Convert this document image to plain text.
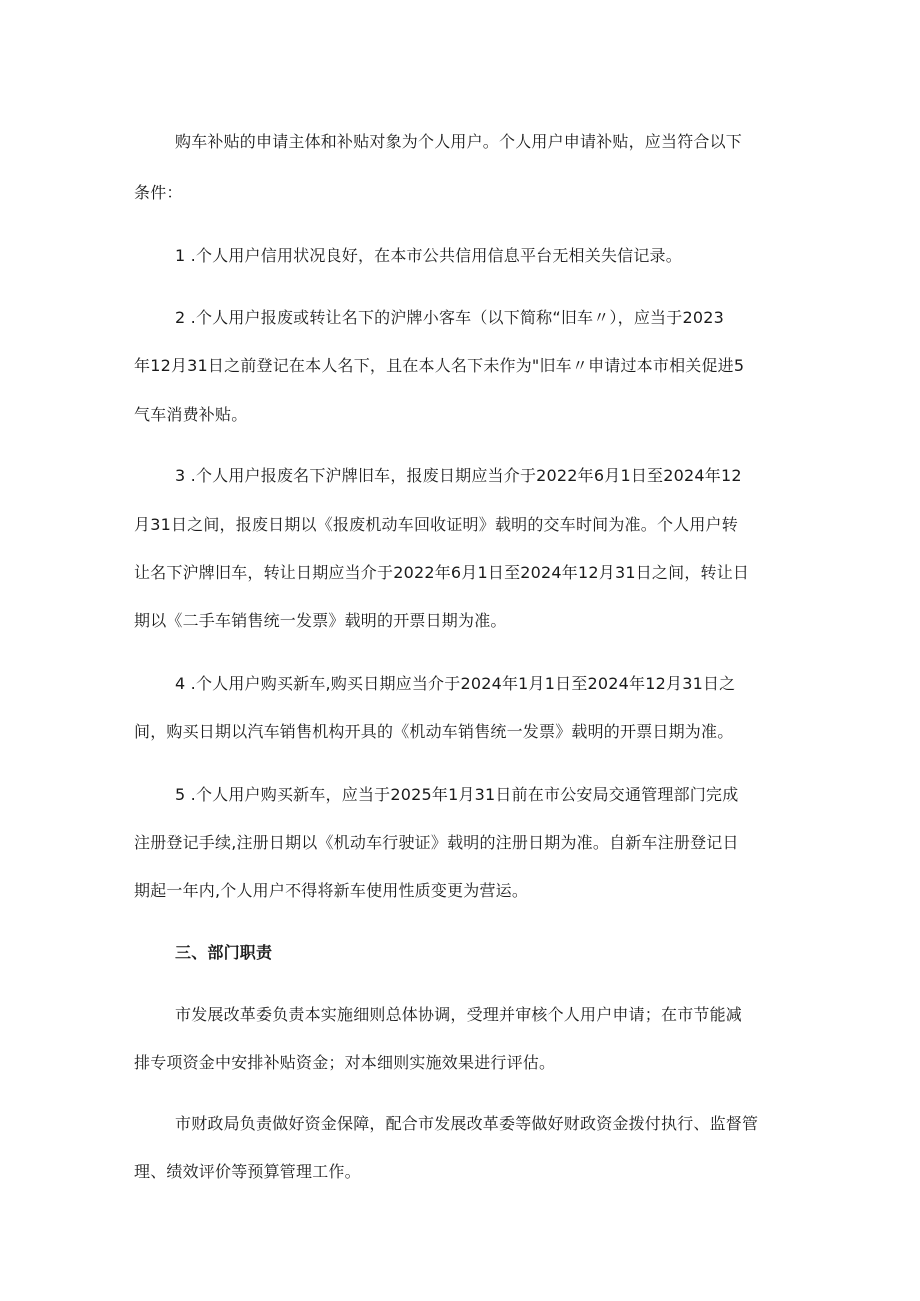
购车补贴的申请主体和补贴对象为个人用户。个人用户申请补贴，应当符合以下
条件：
1 .个人用户信用状况良好，在本市公共信用信息平台无相关失信记录。
2 .个人用户报废或转让名下的沪牌小客车（以下简称“旧车〃），应当于2023
年12月31日之前登记在本人名下，且在本人名下未作为"旧车〃申请过本市相关促进5
气车消费补贴。
3 .个人用户报废名下沪牌旧车，报废日期应当介于2022年6月1日至2024年12
月31日之间，报废日期以《报废机动车回收证明》载明的交车时间为准。个人用户转
让名下沪牌旧车，转让日期应当介于2022年6月1日至2024年12月31日之间，转让日
期以《二手车销售统一发票》载明的开票日期为准。
4 .个人用户购买新车,购买日期应当介于2024年1月1日至2024年12月31日之
间，购买日期以汽车销售机构开具的《机动车销售统一发票》载明的开票日期为准。
5 .个人用户购买新车，应当于2025年1月31日前在市公安局交通管理部门完成
注册登记手续,注册日期以《机动车行驶证》载明的注册日期为准。自新车注册登记日
期起一年内,个人用户不得将新车使用性质变更为营运。
三、部门职责
市发展改革委负责本实施细则总体协调，受理并审核个人用户申请；在市节能减
排专项资金中安排补贴资金；对本细则实施效果进行评估。
市财政局负责做好资金保障，配合市发展改革委等做好财政资金拨付执行、监督管
理、绩效评价等预算管理工作。
